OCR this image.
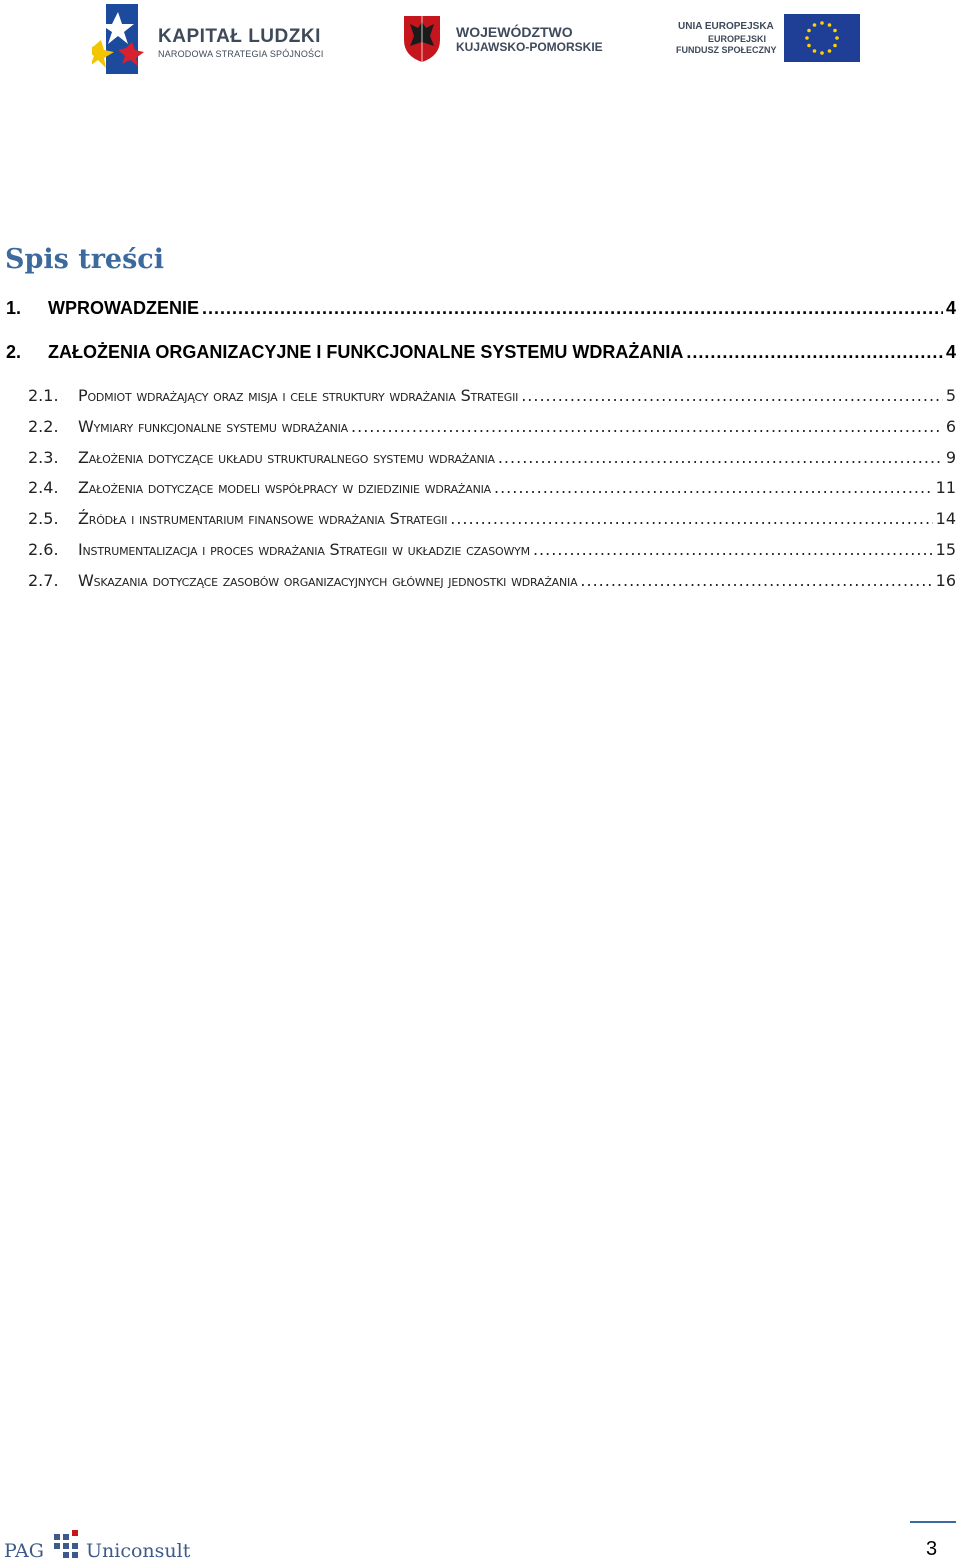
KAPITAŁ LUDZKI
NARODOWA STRATEGIA SPÓJNOŚCI
WOJEWÓDZTWO
KUJAWSKO-POMORSKIE
UNIA EUROPEJSKA
EUROPEJSKI
FUNDUSZ SPOŁECZNY
Spis treści
1.	WPROWADZENIE .....	4
2.	ZAŁOŻENIA ORGANIZACYJNE I FUNKCJONALNE SYSTEMU WDRAŻANIA .....	4
2.1.	Podmiot wdrażający oraz misja i cele struktury wdrażania Strategii .....	5
2.2.	Wymiary funkcjonalne systemu wdrażania .....	6
2.3.	Założenia dotyczące układu strukturalnego systemu wdrażania .....	9
2.4.	Założenia dotyczące modeli współpracy w dziedzinie wdrażania .....	11
2.5.	Źródła i instrumentarium finansowe wdrażania Strategii .....	14
2.6.	Instrumentalizacja i proces wdrażania Strategii w układzie czasowym .....	15
2.7.	Wskazania dotyczące zasobów organizacyjnych głównej jednostki wdrażania .....	16
PAG Uniconsult	3
